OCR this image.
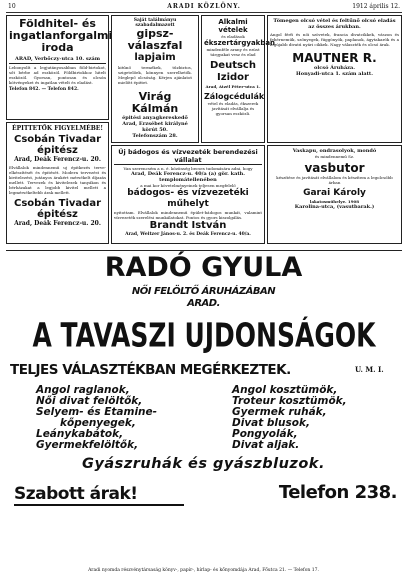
10	ARADI KÖZLÖNY.	1912 április 12.
Földhitel- és ingatlanforgalmi iroda
ARAD, Verbőczy-utca 10. szám
Lebonyolít a legjutányosabban föld-birtokot, sőt bérbe ad eszközöl. Földbirtokhoz hitelt eszközöl. Gyorsan, pontosan és olcsón kötvényeket és ingatlan vételt és eladást.
Telefon 842. — Telefon 842.
ÉPITTETŐK FIGYELMÉBE!
Csobán Tivadar épitész
Arad, Deák Ferencz-u. 20.
Elvállalok mindennemű uj épitkezés terve-elkészítését és épitését. Modern tervezést és kivitelezést, jutányos árakért mérsékelt díjazás mellett. Tervezek és kivitelezek tanyákon és bérházakat a legjobb kivitel mellett a legmérsékeltebb árak mellett.
Csobán Tivadar épitész
Arad, Deák Ferencz-u. 20.
Saját találmányu szabadalmazott
gipsz-válaszfal
lapjaim
kitűnő termékek, tűzbiztos, szigetelőek, könnyen szerelhetők. Meglepő olcsóság. Kérjen ajánlatot mielőtt épittet.
Virág Kálmán
épitési anyagkereskedő
Arad, Erzsébet királyné körút 50.
Telefonszám 28.
Alkalmi vételek
és eladások
ékszertárgyakban
mindenféle arany és ezüst tárgyakat vesz és elad
Deutsch Izidor
Arad, Atzél Péter-utca 1.
Zálogcédulák
vétel és eladás, ékszerek javítását elvállalja és gyorsan eszközli.
Tömegen olcsó vétel és feltűnő olcsó eladás
az összes árukban.
Angol férfi és női szövetek, francia divatcikkek, vászon és fehérneműk, szőnyegek, függönyök, paplanok, ágytakarók és a legújabb divatú nyári cikkek. Nagy választék és olcsó árak.
MAUTNER R.
olcsó Áruháza.
Honyadi-utca 1. szám alatt.
Új bádogos és vízvezeték berendezési vállalat
Van szerencsém a n. é. közönség becses tudomására adni, hogy
Arad, Deák Ferencz-u. 40/a (a) gör. kath. templomátellenében
a mai kor követelményeinek teljesen megfelelő
bádogos- és vízvezetéki műhelyt
nyitottam. Elvállalok mindennemű épület-bádogos munkát, valamint vízvezeték szerelési munkálatokat. Pontos és gyors kiszolgálás.
Brandt István
Arad, Weitzer János-u. 2. és Deák Ferencz-u. 40/a.
Vaskapu, ondrasolyok, mondó
és mindennemű Sz.
vasbutor
készítése és javítását elvállalom és készítem a legolcsóbb árban
Garai Károly
lakatosműhelye. 1908
Karolina-utca, (vasutbarak.)
RADÓ GYULA
NŐI FELÖLTŐ ÁRUHÁZÁBAN
ARAD.
A TAVASZI UJDONSÁGOK
TELJES VÁLASZTÉKBAN MEGÉRKEZTEK.	U. M. I.
Angol raglanok,
Női divat felöltők,
Selyem- és Etamine-
kőpenyegek,
Leánykabátok,
Gyermekfelöltők,
Angol kosztümök,
Troteur kosztümök,
Gyermek ruhák,
Divat blusok,
Pongyolák,
Divat aljak.
Gyászruhák és gyászbluzok.
Szabott árak!	Telefon 238.
Aradi nyomda részvénytársaság könyv-, papír-, hírlap- és kőnyomdája Arad, Főutca 21. — Telefon 17.
